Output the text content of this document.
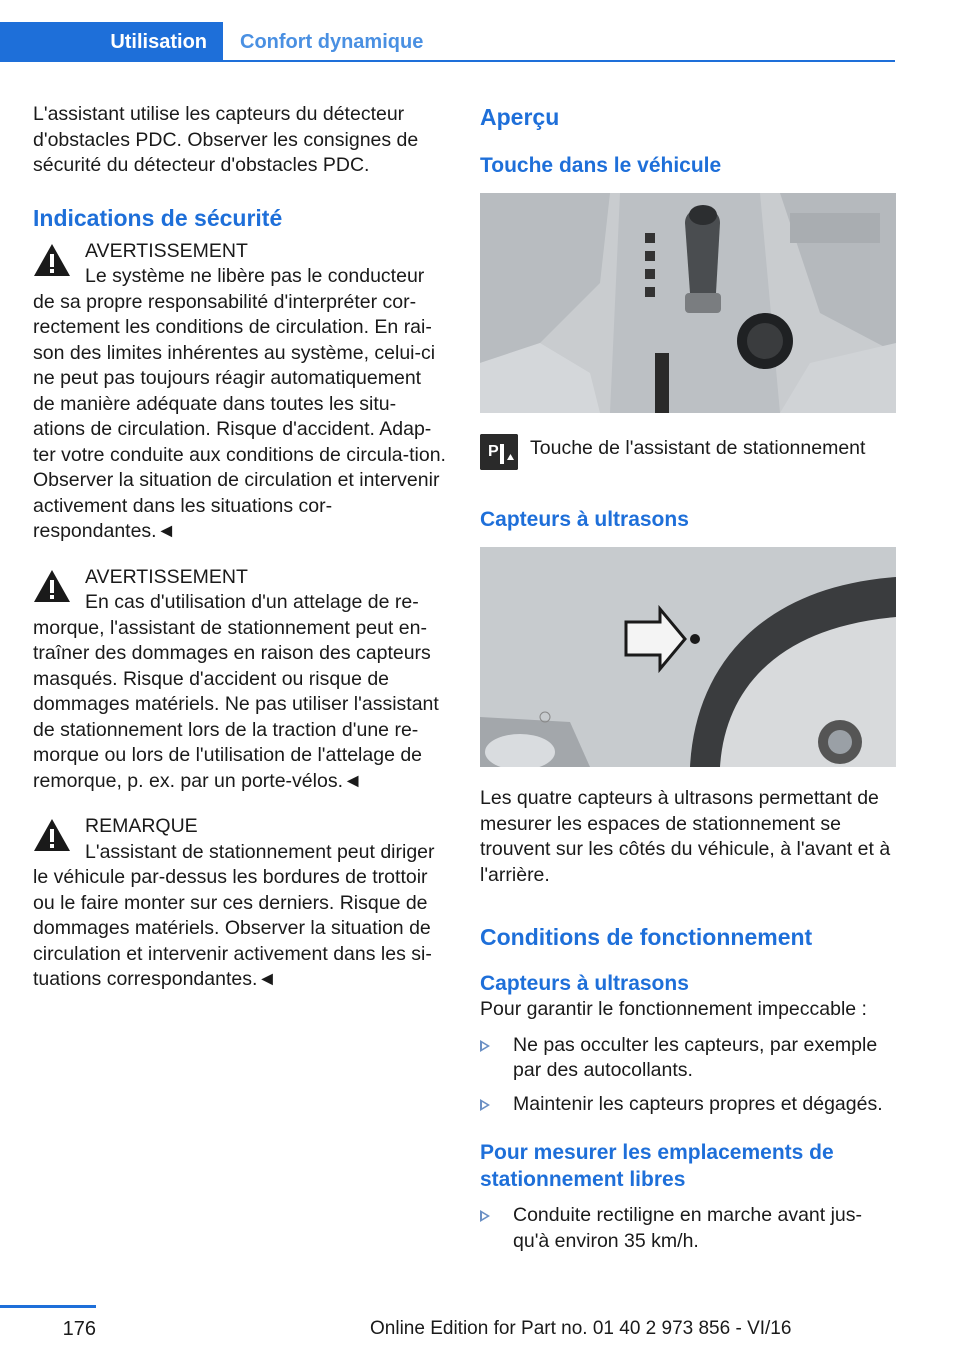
Utilisation	Confort dynamique

L'assistant utilise les capteurs du détecteur d'obstacles PDC. Observer les consignes de sécurité du détecteur d'obstacles PDC.

Indications de sécurité
AVERTISSEMENT

Le système ne libère pas le conducteur

de sa propre responsabilité d'interpréter cor-rectement les conditions de circulation. En rai-son des limites inhérentes au système, celui-ci ne peut pas toujours réagir automatiquement de manière adéquate dans toutes les situ-ations de circulation. Risque d'accident. Adap-ter votre conduite aux conditions de circula-tion. Observer la situation de circulation et intervenir activement dans les situations cor-respondantes.◄

AVERTISSEMENT

En cas d'utilisation d'un attelage de re-

morque, l'assistant de stationnement peut en-traîner des dommages en raison des capteurs masqués. Risque d'accident ou risque de dommages matériels. Ne pas utiliser l'assistant de stationnement lors de la traction d'une re-morque ou lors de l'utilisation de l'attelage de remorque, p. ex. par un porte-vélos.◄

REMARQUE

L'assistant de stationnement peut diriger

le véhicule par-dessus les bordures de trottoir ou le faire monter sur ces derniers. Risque de dommages matériels. Observer la situation de circulation et intervenir activement dans les si-tuations correspondantes.◄

Aperçu
Touche dans le véhicule
P Touche de l'assistant de stationnement

Capteurs à ultrasons

Les quatre capteurs à ultrasons permettant de mesurer les espaces de stationnement se trouvent sur les côtés du véhicule, à l'avant et à l'arrière.

Conditions de fonctionnement
Capteurs à ultrasons

Pour garantir le fonctionnement impeccable :

Ne pas occulter les capteurs, par exemple par des autocollants.
Maintenir les capteurs propres et dégagés.
Pour mesurer les emplacements de stationnement libres
Conduite rectiligne en marche avant jus-qu'à environ 35 km/h.
176	Online Edition for Part no. 01 40 2 973 856 - VI/16
